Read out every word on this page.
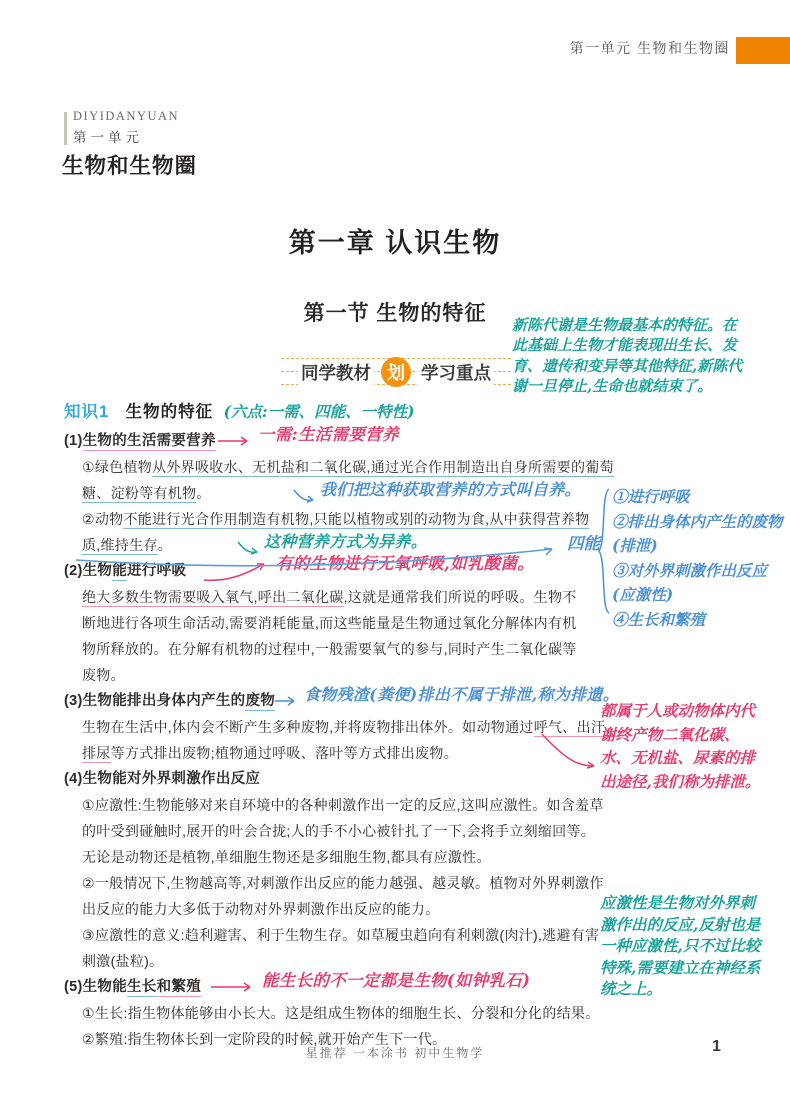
第一单元 生物和生物圈
DIYIDANYUAN
第一单元
生物和生物圈
第一章 认识生物
第一节 生物的特征	新陈代谢是生物最基本的特征。在此基础上生物才能表现出生长、发育、遗传和变异等其他特征,新陈代谢一旦停止,生命也就结束了。
同学教材 划 学习重点
知识1 生物的特征 (六点:一需、四能、一特性)
(1)生物的生活需要营养	一需:生活需要营养
①绿色植物从外界吸收水、无机盐和二氧化碳,通过光合作用制造出自身所需要的葡萄
糖、淀粉等有机物。	我们把这种获取营养的方式叫自养。
②动物不能进行光合作用制造有机物,只能以植物或别的动物为食,从中获得营养物
质,维持生存。	这种营养方式为异养。
(2)生物能进行呼吸	有的生物进行无氧呼吸,如乳酸菌。
绝大多数生物需要吸入氧气,呼出二氧化碳,这就是通常我们所说的呼吸。生物不
断地进行各项生命活动,需要消耗能量,而这些能量是生物通过氧化分解体内有机
物所释放的。在分解有机物的过程中,一般需要氧气的参与,同时产生二氧化碳等
废物。
(3)生物能排出身体内产生的废物 食物残渣(粪便)排出不属于排泄,称为排遗。
生物在生活中,体内会不断产生多种废物,并将废物排出体外。如动物通过呼气、出汗、
排尿等方式排出废物;植物通过呼吸、落叶等方式排出废物。
(4)生物能对外界刺激作出反应
①应激性:生物能够对来自环境中的各种刺激作出一定的反应,这叫应激性。如含羞草
的叶受到碰触时,展开的叶会合拢;人的手不小心被针扎了一下,会将手立刻缩回等。
无论是动物还是植物,单细胞生物还是多细胞生物,都具有应激性。
②一般情况下,生物越高等,对刺激作出反应的能力越强、越灵敏。植物对外界刺激作
出反应的能力大多低于动物对外界刺激作出反应的能力。
③应激性的意义:趋利避害、利于生物生存。如草履虫趋向有利刺激(肉汁),逃避有害
刺激(盐粒)。
(5)生物能生长和繁殖	能生长的不一定都是生物(如钟乳石)
①生长:指生物体能够由小长大。这是组成生物体的细胞生长、分裂和分化的结果。
②繁殖:指生物体长到一定阶段的时候,就开始产生下一代。
四能
①进行呼吸
②排出身体内产生的废物(排泄)
③对外界刺激作出反应(应激性)
④生长和繁殖
都属于人或动物体内代谢终产物二氧化碳、水、无机盐、尿素的排出途径,我们称为排泄。
应激性是生物对外界刺激作出的反应,反射也是一种应激性,只不过比较特殊,需要建立在神经系统之上。
星推荐 一本涂书 初中生物学	1
